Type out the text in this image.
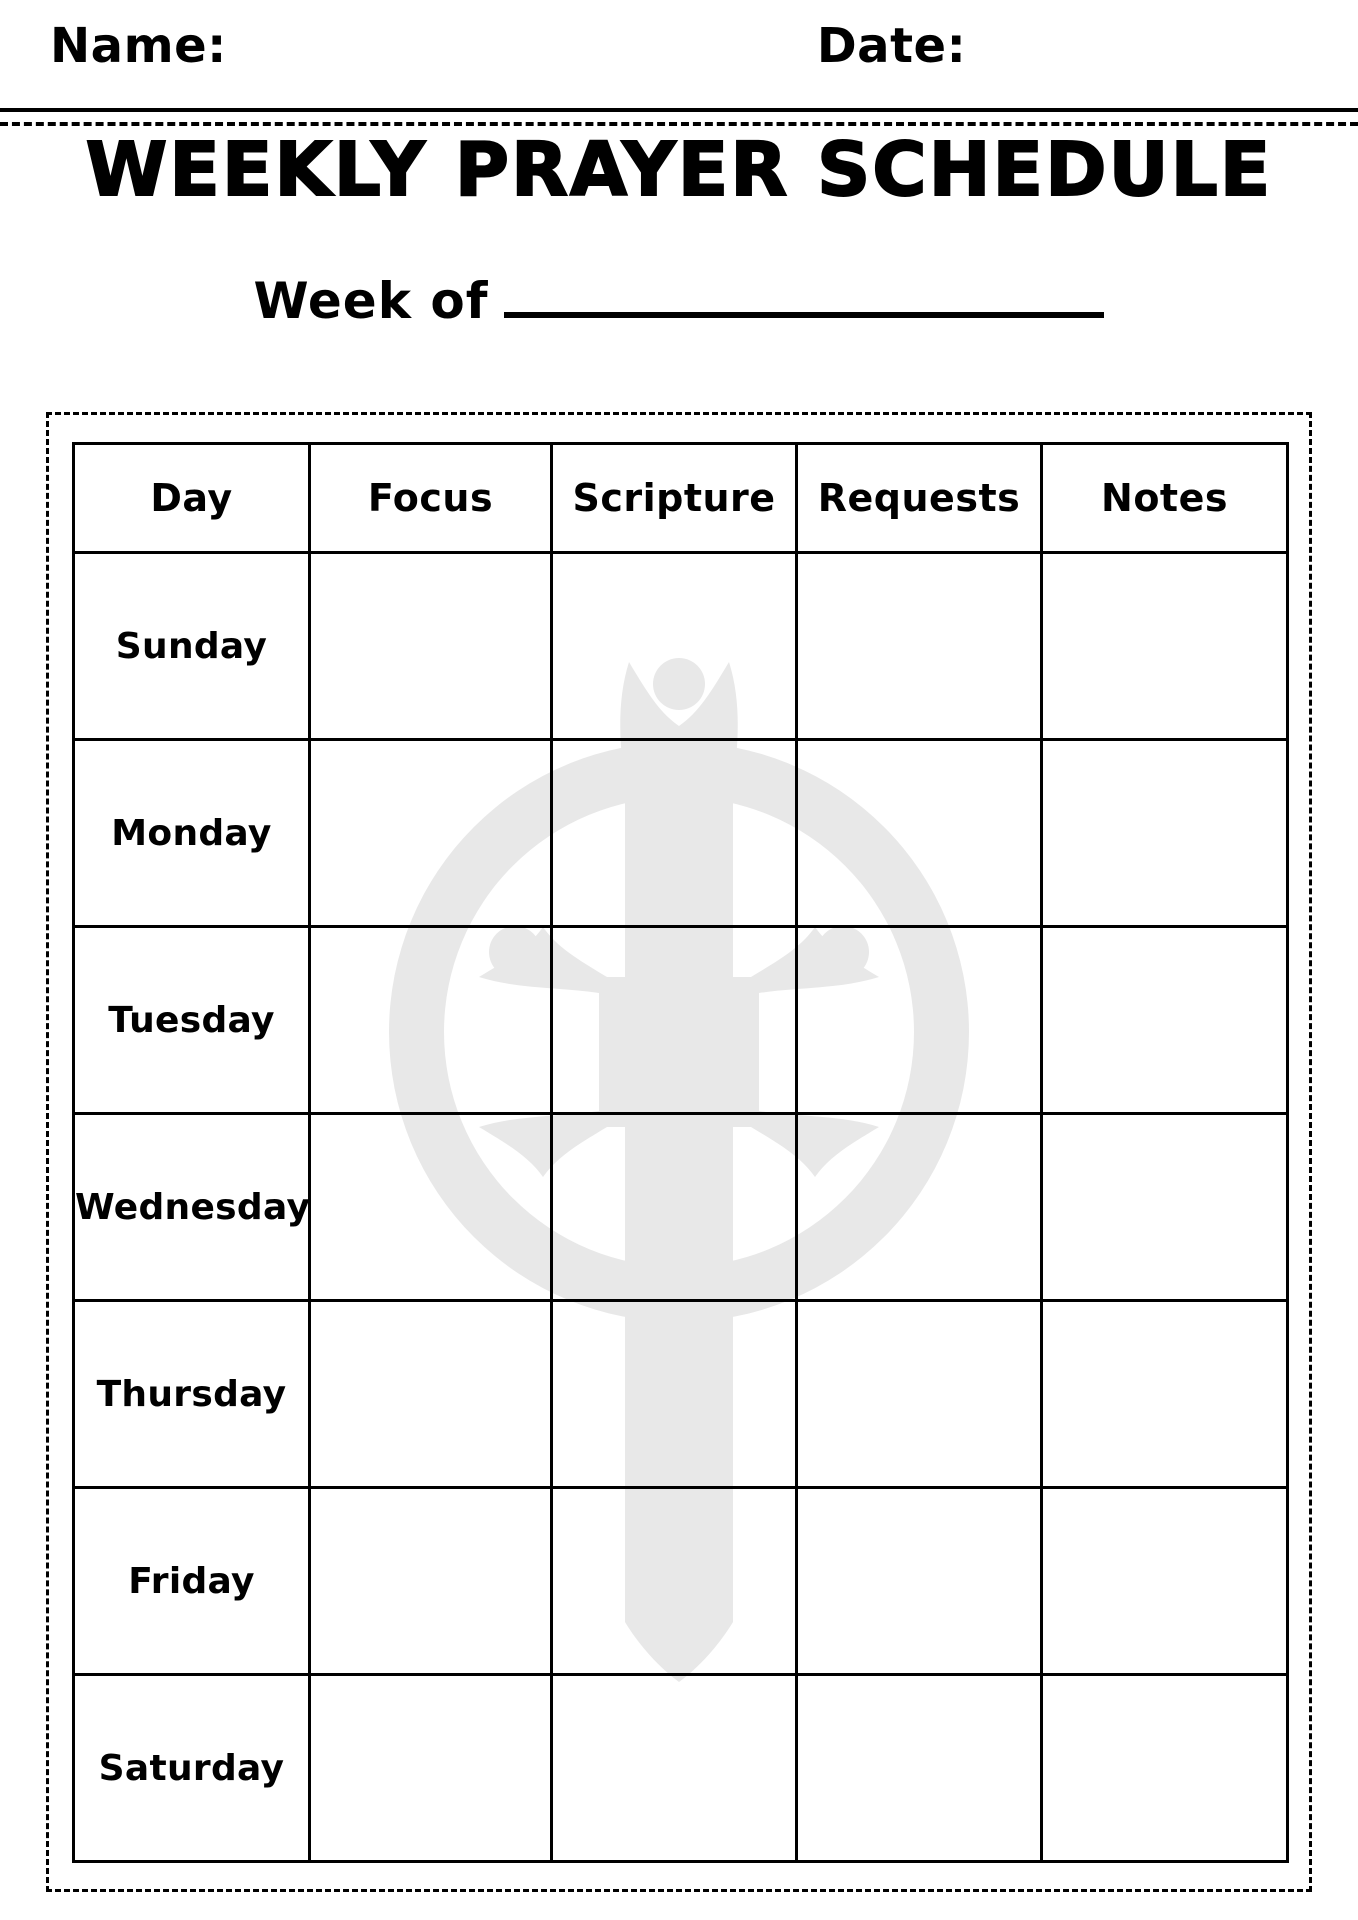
Name:	Date:
WEEKLY PRAYER SCHEDULE
Week of
Day	Focus	Scripture	Requests	Notes
Sunday				
Monday				
Tuesday				
Wednesday				
Thursday				
Friday				
Saturday				
